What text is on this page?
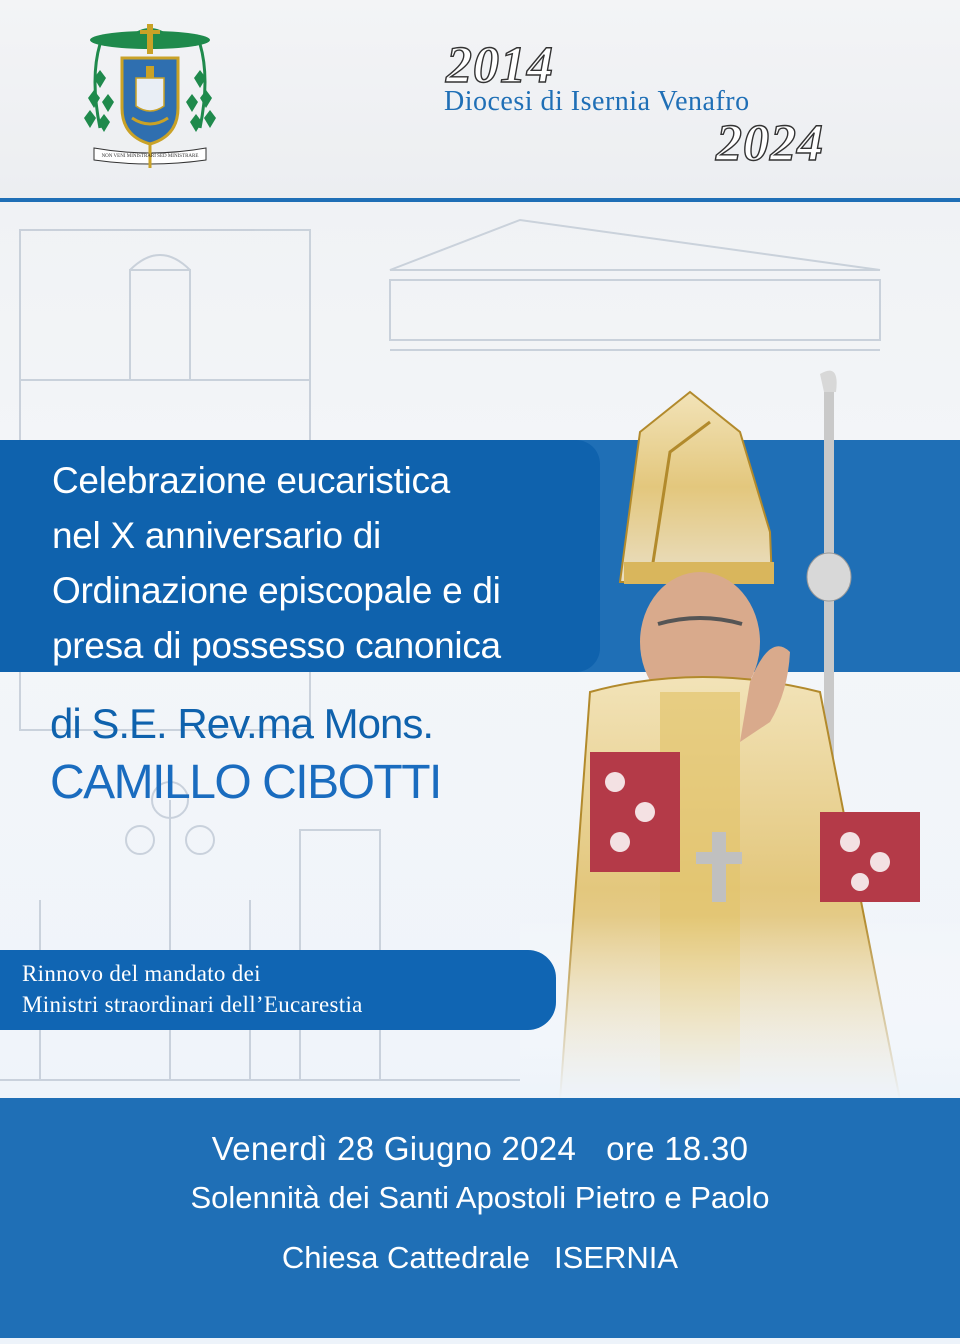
NON VENI MINISTRARI SED MINISTRARE
2014
Diocesi di Isernia Venafro
2024
Celebrazione eucaristica
nel X anniversario di
Ordinazione episcopale e di
presa di possesso canonica
di S.E. Rev.ma Mons.
CAMILLO CIBOTTI
Rinnovo del mandato dei
Ministri straordinari dell’Eucarestia
Venerdì 28 Giugno 2024 ore 18.30
Solennità dei Santi Apostoli Pietro e Paolo
Chiesa Cattedrale ISERNIA
